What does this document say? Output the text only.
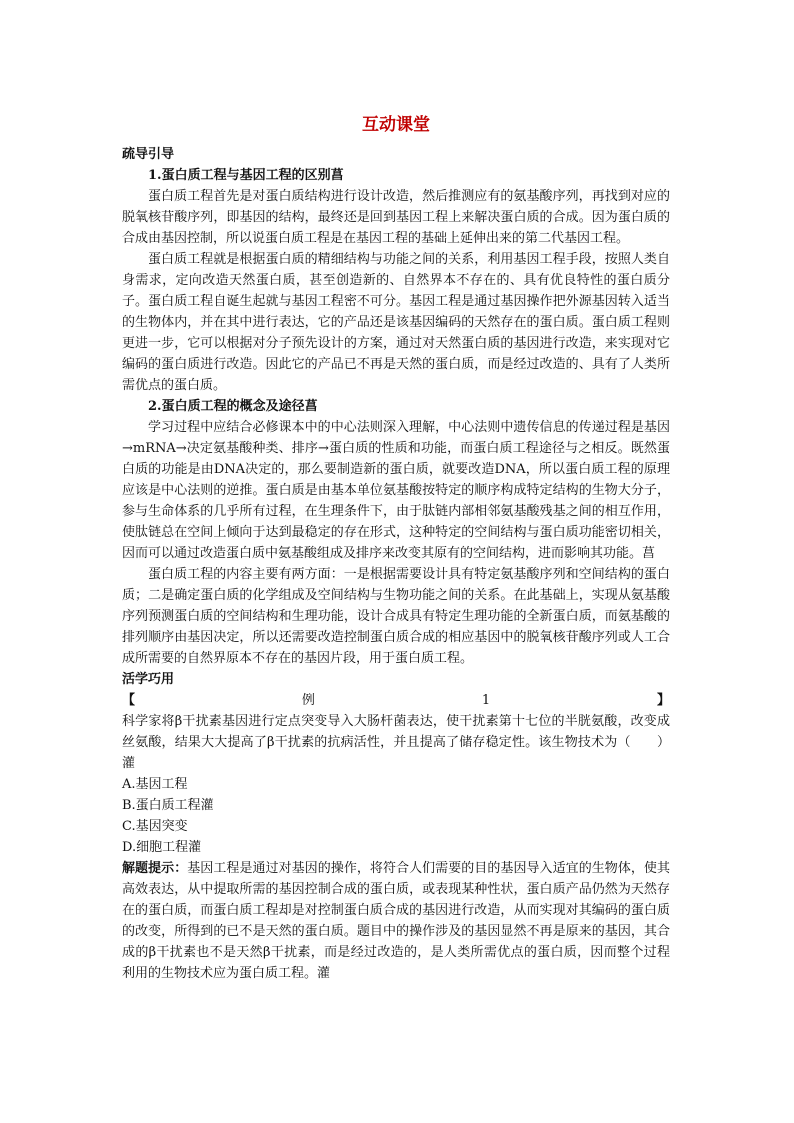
互动课堂

疏导引导

1.蛋白质工程与基因工程的区别菖

蛋白质工程首先是对蛋白质结构进行设计改造，然后推测应有的氨基酸序列，再找到对应的脱氧核苷酸序列，即基因的结构，最终还是回到基因工程上来解决蛋白质的合成。因为蛋白质的合成由基因控制，所以说蛋白质工程是在基因工程的基础上延伸出来的第二代基因工程。

蛋白质工程就是根据蛋白质的精细结构与功能之间的关系，利用基因工程手段，按照人类自身需求，定向改造天然蛋白质，甚至创造新的、自然界本不存在的、具有优良特性的蛋白质分子。蛋白质工程自诞生起就与基因工程密不可分。基因工程是通过基因操作把外源基因转入适当的生物体内，并在其中进行表达，它的产品还是该基因编码的天然存在的蛋白质。蛋白质工程则更进一步，它可以根据对分子预先设计的方案，通过对天然蛋白质的基因进行改造，来实现对它编码的蛋白质进行改造。因此它的产品已不再是天然的蛋白质，而是经过改造的、具有了人类所需优点的蛋白质。

2.蛋白质工程的概念及途径菖

学习过程中应结合必修课本中的中心法则深入理解，中心法则中遗传信息的传递过程是基因→mRNA→决定氨基酸种类、排序→蛋白质的性质和功能，而蛋白质工程途径与之相反。既然蛋白质的功能是由DNA决定的，那么要制造新的蛋白质，就要改造DNA，所以蛋白质工程的原理应该是中心法则的逆推。蛋白质是由基本单位氨基酸按特定的顺序构成特定结构的生物大分子，参与生命体系的几乎所有过程，在生理条件下，由于肽链内部相邻氨基酸残基之间的相互作用，使肽链总在空间上倾向于达到最稳定的存在形式，这种特定的空间结构与蛋白质功能密切相关，因而可以通过改造蛋白质中氨基酸组成及排序来改变其原有的空间结构，进而影响其功能。菖

蛋白质工程的内容主要有两方面：一是根据需要设计具有特定氨基酸序列和空间结构的蛋白质；二是确定蛋白质的化学组成及空间结构与生物功能之间的关系。在此基础上，实现从氨基酸序列预测蛋白质的空间结构和生理功能，设计合成具有特定生理功能的全新蛋白质，而氨基酸的排列顺序由基因决定，所以还需要改造控制蛋白质合成的相应基因中的脱氧核苷酸序列或人工合成所需要的自然界原本不存在的基因片段，用于蛋白质工程。

活学巧用

【	例	1	】

科学家将β干扰素基因进行定点突变导入大肠杆菌表达，使干扰素第十七位的半胱氨酸，改变成丝氨酸，结果大大提高了β干扰素的抗病活性，并且提高了储存稳定性。该生物技术为（　　）灌

A.基因工程

B.蛋白质工程灌

C.基因突变

D.细胞工程灌

解题提示：基因工程是通过对基因的操作，将符合人们需要的目的基因导入适宜的生物体，使其高效表达，从中提取所需的基因控制合成的蛋白质，或表现某种性状，蛋白质产品仍然为天然存在的蛋白质，而蛋白质工程却是对控制蛋白质合成的基因进行改造，从而实现对其编码的蛋白质的改变，所得到的已不是天然的蛋白质。题目中的操作涉及的基因显然不再是原来的基因，其合成的β干扰素也不是天然β干扰素，而是经过改造的，是人类所需优点的蛋白质，因而整个过程利用的生物技术应为蛋白质工程。灌
